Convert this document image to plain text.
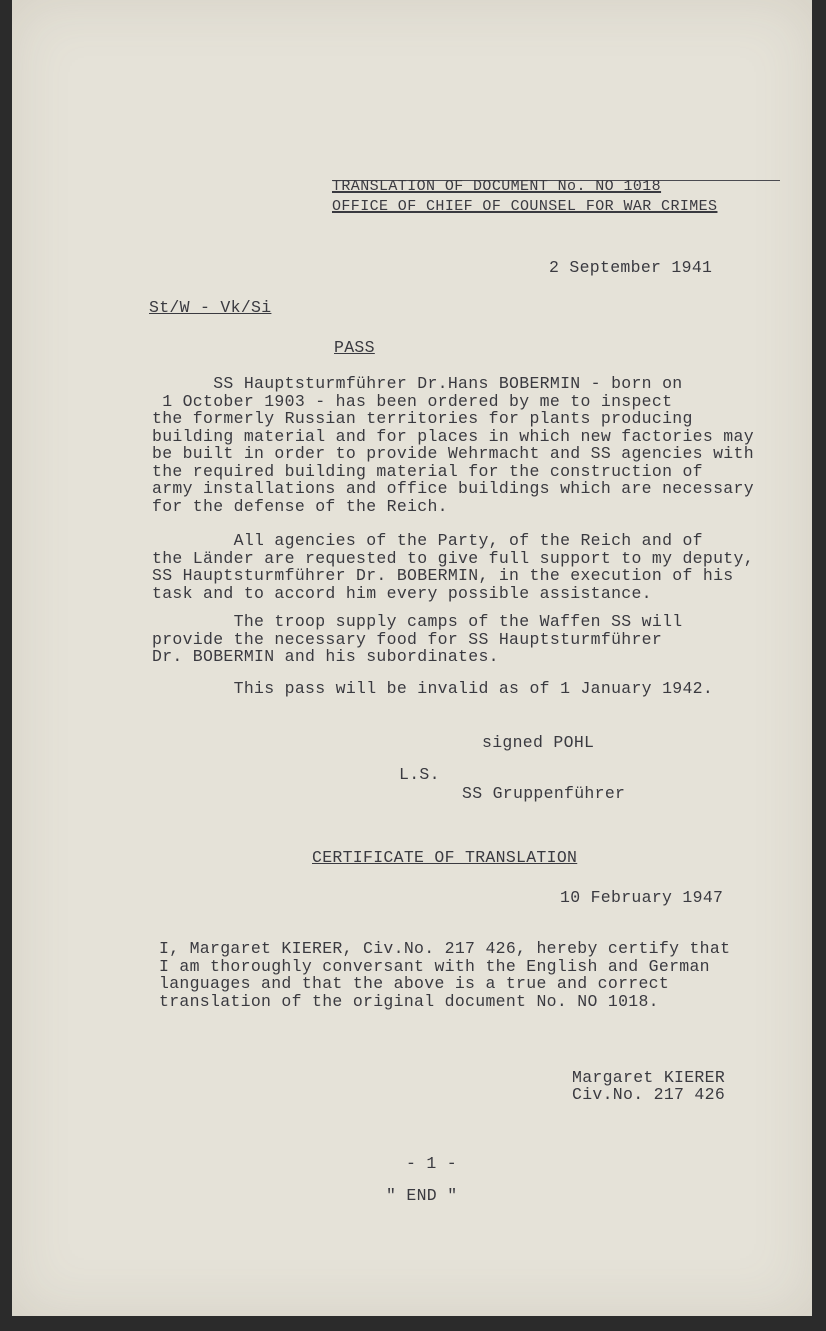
TRANSLATION OF DOCUMENT No. NO 1018
OFFICE OF CHIEF OF COUNSEL FOR WAR CRIMES
2 September 1941
St/W - Vk/Si
PASS
SS Hauptsturmführer Dr.Hans BOBERMIN - born on
1 October 1903 - has been ordered by me to inspect
the formerly Russian territories for plants producing
building material and for places in which new factories may
be built in order to provide Wehrmacht and SS agencies with
the required building material for the construction of
army installations and office buildings which are necessary
for the defense of the Reich.
All agencies of the Party, of the Reich and of
the Länder are requested to give full support to my deputy,
SS Hauptsturmführer Dr. BOBERMIN, in the execution of his
task and to accord him every possible assistance.
The troop supply camps of the Waffen SS will
provide the necessary food for SS Hauptsturmführer
Dr. BOBERMIN and his subordinates.
This pass will be invalid as of 1 January 1942.
signed POHL
L.S.
SS Gruppenführer
CERTIFICATE OF TRANSLATION
10 February 1947
I, Margaret KIERER, Civ.No. 217 426, hereby certify that
I am thoroughly conversant with the English and German
languages and that the above is a true and correct
translation of the original document No. NO 1018.
Margaret KIERER
Civ.No. 217 426
- 1 -
" END "
